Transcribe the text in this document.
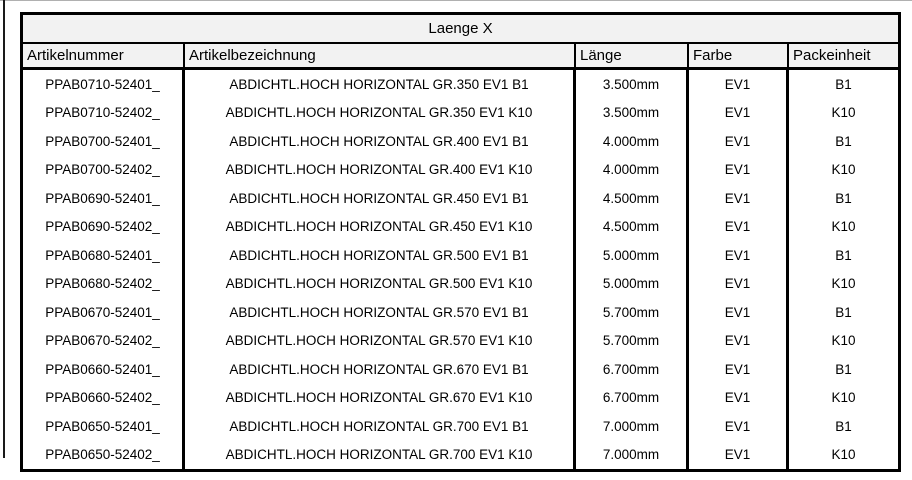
Laenge X				
Artikelnummer	Artikelbezeichnung	Länge	Farbe	Packeinheit
PPAB0710-52401_	ABDICHTL.HOCH HORIZONTAL GR.350 EV1 B1	3.500mm	EV1	B1
PPAB0710-52402_	ABDICHTL.HOCH HORIZONTAL GR.350 EV1 K10	3.500mm	EV1	K10
PPAB0700-52401_	ABDICHTL.HOCH HORIZONTAL GR.400 EV1 B1	4.000mm	EV1	B1
PPAB0700-52402_	ABDICHTL.HOCH HORIZONTAL GR.400 EV1 K10	4.000mm	EV1	K10
PPAB0690-52401_	ABDICHTL.HOCH HORIZONTAL GR.450 EV1 B1	4.500mm	EV1	B1
PPAB0690-52402_	ABDICHTL.HOCH HORIZONTAL GR.450 EV1 K10	4.500mm	EV1	K10
PPAB0680-52401_	ABDICHTL.HOCH HORIZONTAL GR.500 EV1 B1	5.000mm	EV1	B1
PPAB0680-52402_	ABDICHTL.HOCH HORIZONTAL GR.500 EV1 K10	5.000mm	EV1	K10
PPAB0670-52401_	ABDICHTL.HOCH HORIZONTAL GR.570 EV1 B1	5.700mm	EV1	B1
PPAB0670-52402_	ABDICHTL.HOCH HORIZONTAL GR.570 EV1 K10	5.700mm	EV1	K10
PPAB0660-52401_	ABDICHTL.HOCH HORIZONTAL GR.670 EV1 B1	6.700mm	EV1	B1
PPAB0660-52402_	ABDICHTL.HOCH HORIZONTAL GR.670 EV1 K10	6.700mm	EV1	K10
PPAB0650-52401_	ABDICHTL.HOCH HORIZONTAL GR.700 EV1 B1	7.000mm	EV1	B1
PPAB0650-52402_	ABDICHTL.HOCH HORIZONTAL GR.700 EV1 K10	7.000mm	EV1	K10
